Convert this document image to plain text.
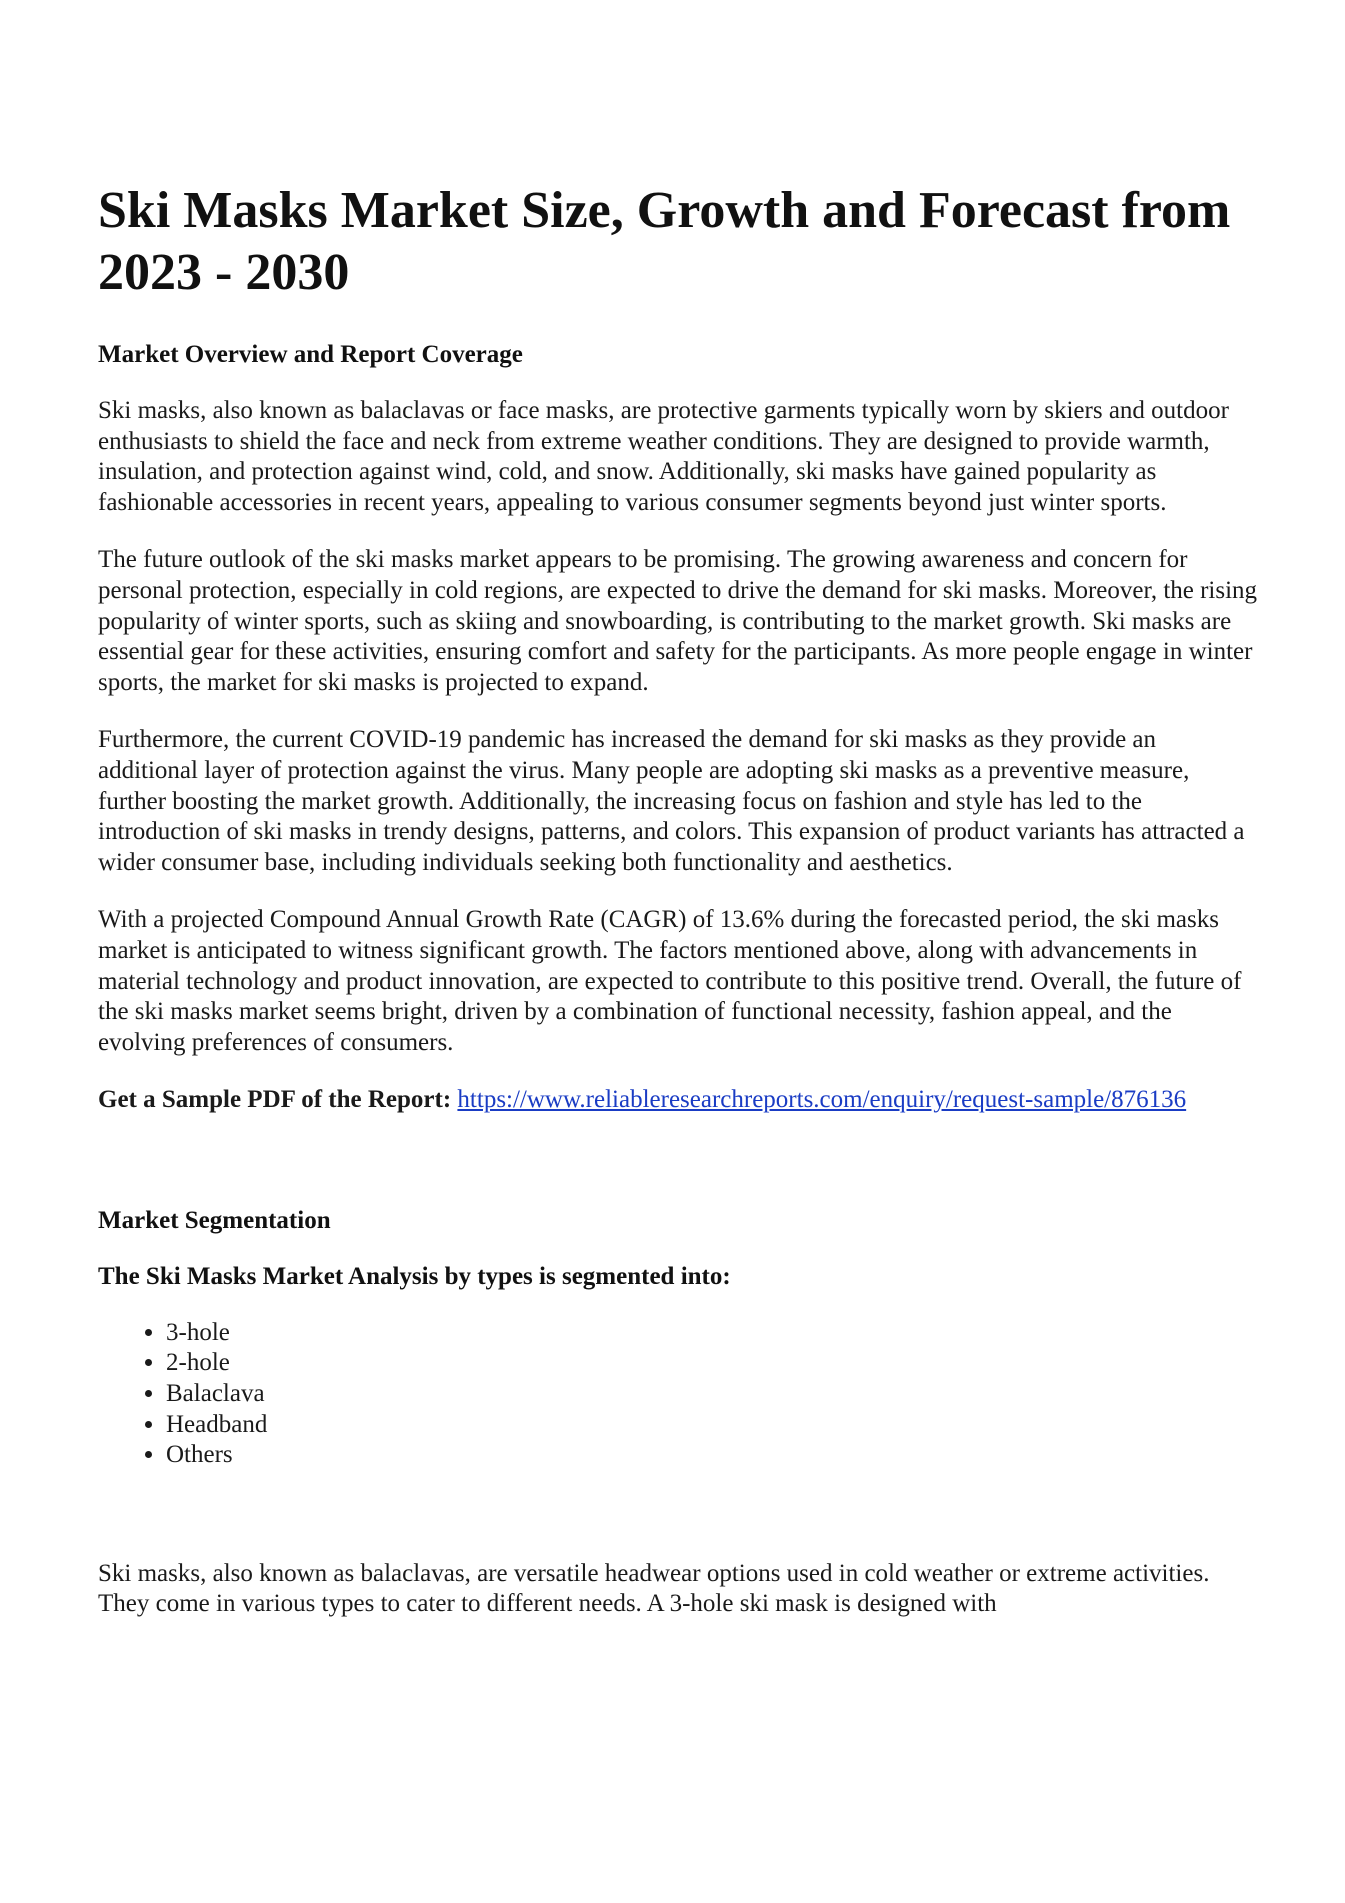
Ski Masks Market Size, Growth and Forecast from 2023 - 2030
Market Overview and Report Coverage

Ski masks, also known as balaclavas or face masks, are protective garments typically worn by skiers and outdoor enthusiasts to shield the face and neck from extreme weather conditions. They are designed to provide warmth, insulation, and protection against wind, cold, and snow. Additionally, ski masks have gained popularity as fashionable accessories in recent years, appealing to various consumer segments beyond just winter sports.

The future outlook of the ski masks market appears to be promising. The growing awareness and concern for personal protection, especially in cold regions, are expected to drive the demand for ski masks. Moreover, the rising popularity of winter sports, such as skiing and snowboarding, is contributing to the market growth. Ski masks are essential gear for these activities, ensuring comfort and safety for the participants. As more people engage in winter sports, the market for ski masks is projected to expand.

Furthermore, the current COVID-19 pandemic has increased the demand for ski masks as they provide an additional layer of protection against the virus. Many people are adopting ski masks as a preventive measure, further boosting the market growth. Additionally, the increasing focus on fashion and style has led to the introduction of ski masks in trendy designs, patterns, and colors. This expansion of product variants has attracted a wider consumer base, including individuals seeking both functionality and aesthetics.

With a projected Compound Annual Growth Rate (CAGR) of 13.6% during the forecasted period, the ski masks market is anticipated to witness significant growth. The factors mentioned above, along with advancements in material technology and product innovation, are expected to contribute to this positive trend. Overall, the future of the ski masks market seems bright, driven by a combination of functional necessity, fashion appeal, and the evolving preferences of consumers.

Get a Sample PDF of the Report: https://www.reliableresearchreports.com/enquiry/request-sample/876136
Market Segmentation
The Ski Masks Market Analysis by types is segmented into:
• 3-hole
• 2-hole
• Balaclava
• Headband
• Others

Ski masks, also known as balaclavas, are versatile headwear options used in cold weather or extreme activities. They come in various types to cater to different needs. A 3-hole ski mask is designed with
